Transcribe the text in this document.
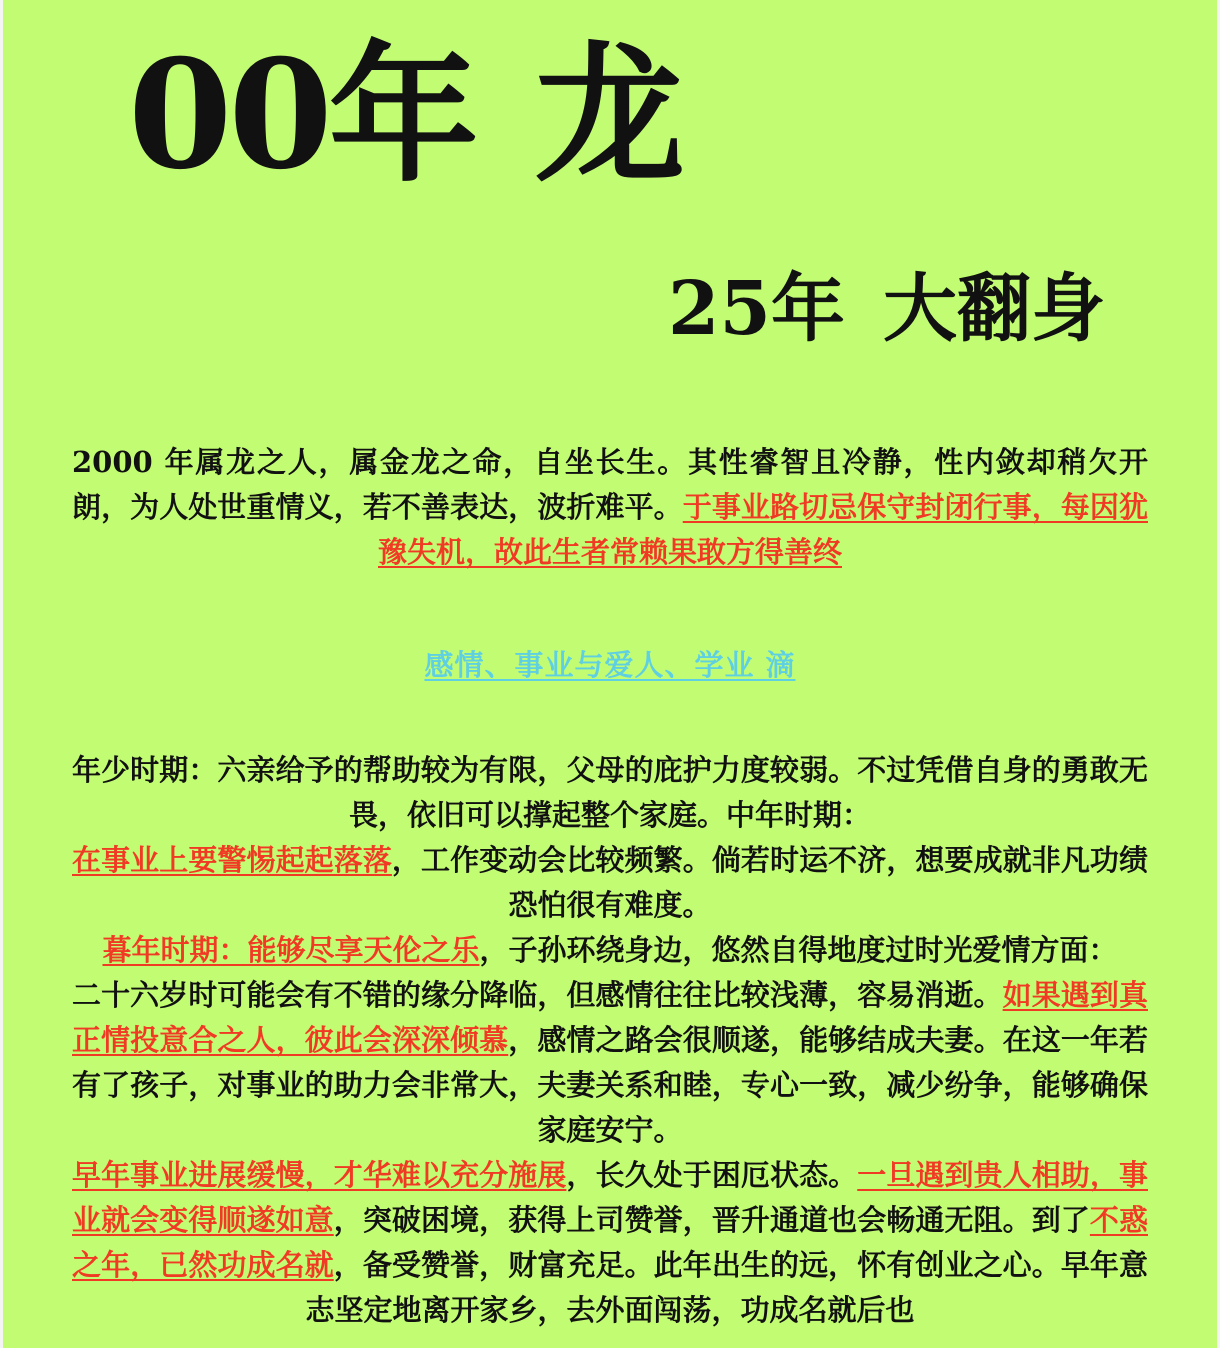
00年 龙
25年 大翻身

2000 年属龙之人，属金龙之命，自坐长生。其性睿智且冷静，性内敛却稍欠开朗，为人处世重情义，若不善表达，波折难平。于事业路切忌保守封闭行事，每因犹豫失机，故此生者常赖果敢方得善终

感情、事业与爱人、学业 滴

年少时期：六亲给予的帮助较为有限，父母的庇护力度较弱。不过凭借自身的勇敢无畏，依旧可以撑起整个家庭。中年时期：
在事业上要警惕起起落落，工作变动会比较频繁。倘若时运不济，想要成就非凡功绩恐怕很有难度。

暮年时期：能够尽享天伦之乐，子孙环绕身边，悠然自得地度过时光爱情方面：

二十六岁时可能会有不错的缘分降临，但感情往往比较浅薄，容易消逝。如果遇到真正情投意合之人，彼此会深深倾慕，感情之路会很顺遂，能够结成夫妻。在这一年若有了孩子，对事业的助力会非常大，夫妻关系和睦，专心一致，减少纷争，能够确保家庭安宁。

早年事业进展缓慢，才华难以充分施展，长久处于困厄状态。一旦遇到贵人相助，事业就会变得顺遂如意，突破困境，获得上司赞誉，晋升通道也会畅通无阻。到了不惑之年，已然功成名就，备受赞誉，财富充足。此年出生的远，怀有创业之心。早年意志坚定地离开家乡，去外面闯荡，功成名就后也
